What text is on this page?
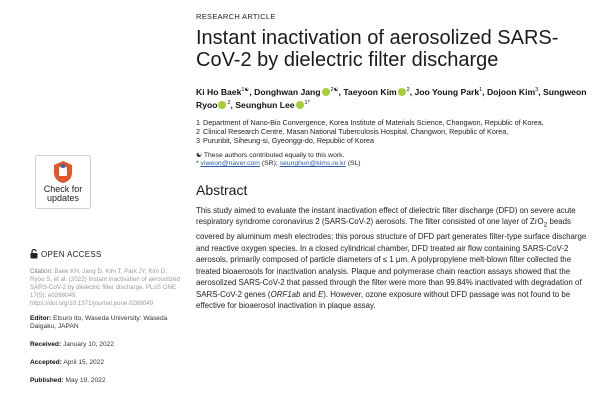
Check for updates
OPEN ACCESS
Citation: Baek KH, Jang D, Kim T, Park JY, Kim D, Ryoo S, et al. (2022) Instant inactivation of aerosolized SARS-CoV-2 by dielectric filter discharge. PLoS ONE 17(5): e0268049. https://doi.org/10.1371/journal.pone.0268049
Editor: Etsuro Ito, Waseda University: Waseda Daigaku, JAPAN
Received: January 10, 2022
Accepted: April 15, 2022
Published: May 19, 2022
RESEARCH ARTICLE
Instant inactivation of aerosolized SARS-CoV-2 by dielectric filter discharge
Ki Ho Baek$^{1☯}$, Donghwan Jang $^{2☯}$, Taeyoon Kim $^2$, Joo Young Park$^1$, Dojoon Kim$^3$, Sungweon Ryoo $^2$, Seunghun Lee $^{1*}$
1 Department of Nano-Bio Convergence, Korea Institute of Materials Science, Changwon, Republic of Korea,
2 Clinical Research Centre, Masan National Tuberculosis Hospital, Changwon, Republic of Korea,
3 Purunbit, Siheung-si, Gyeonggi-do, Republic of Korea
☯ These authors contributed equally to this work.
* viweon@naver.com (SR); seunghun@kims.re.kr (SL)
Abstract
This study aimed to evaluate the instant inactivation effect of dielectric filter discharge (DFD) on severe acute respiratory syndrome coronavirus 2 (SARS-CoV-2) aerosols. The filter consisted of one layer of ZrO$_2$ beads covered by aluminum mesh electrodes; this porous structure of DFD part generates filter-type surface discharge and reactive oxygen species. In a closed cylindrical chamber, DFD treated air flow containing SARS-CoV-2 aerosols, primarily composed of particle diameters of ≤ 1 μm. A polypropylene melt-blown filter collected the treated bioaerosols for inactivation analysis. Plaque and polymerase chain reaction assays showed that the aerosolized SARS-CoV-2 that passed through the filter were more than 99.84% inactivated with degradation of SARS-CoV-2 genes (ORF1ab and E). However, ozone exposure without DFD passage was not found to be effective for bioaerosol inactivation in plaque assay.
